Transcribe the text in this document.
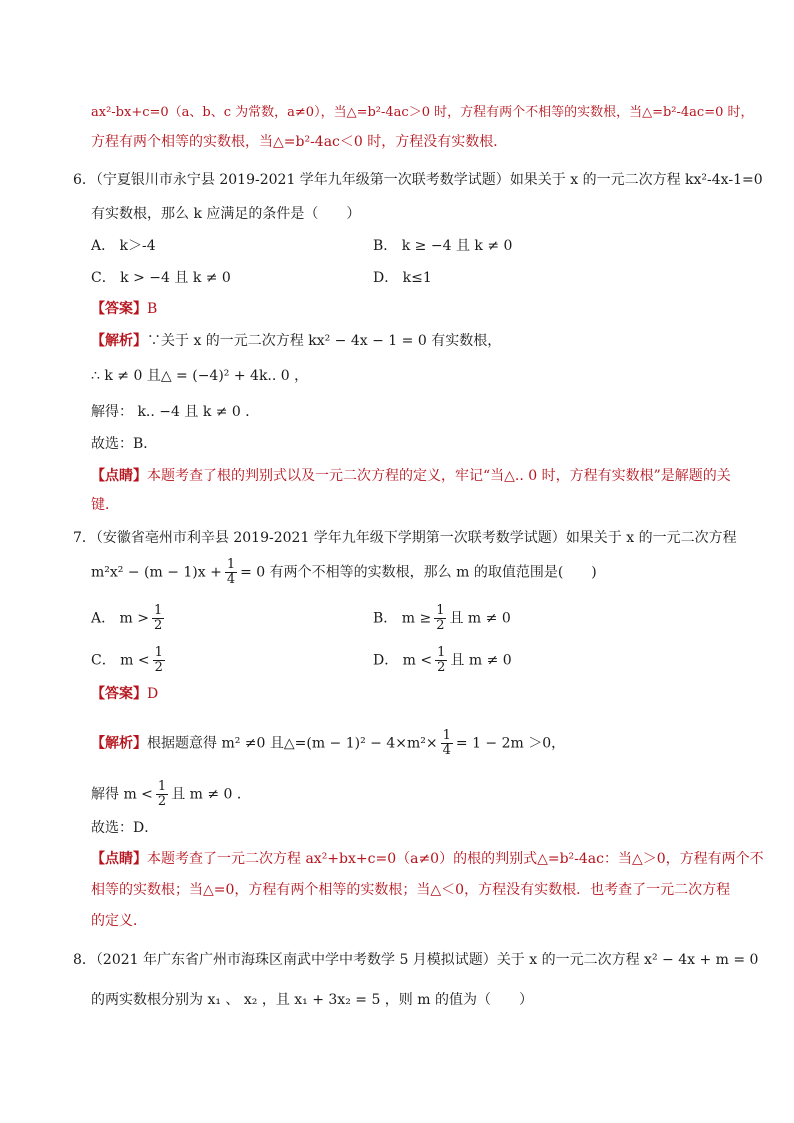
ax²-bx+c=0（a、b、c 为常数，a≠0），当△=b²-4ac＞0 时，方程有两个不相等的实数根，当△=b²-4ac=0 时，
方程有两个相等的实数根，当△=b²-4ac＜0 时，方程没有实数根．
6．（宁夏银川市永宁县 2019-2021 学年九年级第一次联考数学试题）如果关于 x 的一元二次方程 kx²-4x-1=0
有实数根，那么 k 应满足的条件是（　　）
A． k＞-4	B． k ≥ −4 且 k ≠ 0
C． k > −4 且 k ≠ 0	D． k≤1
【答案】B
【解析】∵关于 x 的一元二次方程 kx² − 4x − 1 = 0 有实数根，
∴ k ≠ 0 且△ = (−4)² + 4k.. 0 ，
解得： k.. −4 且 k ≠ 0 ．
故选：B．
【点睛】本题考查了根的判别式以及一元二次方程的定义，牢记“当△.. 0 时，方程有实数根”是解题的关
键．
7．（安徽省亳州市利辛县 2019-2021 学年九年级下学期第一次联考数学试题）如果关于 x 的一元二次方程
$m^2x^2 - (m - 1)x + \frac{1}{4} = 0$ 有两个不相等的实数根，那么 m 的取值范围是(　　)
A． $m > \frac{1}{2}$	B． $m \ge \frac{1}{2}$ 且 m ≠ 0
C． $m < \frac{1}{2}$	D． $m < \frac{1}{2}$ 且 m ≠ 0
【答案】D
【解析】根据题意得 m² ≠0 且△=(m − $1)^2 - 4\times m^2\times \frac{1}{4} = 1 - 2m >0$，
解得 $m < \frac{1}{2}$ 且 m ≠ 0 ．
故选：D．
【点睛】本题考查了一元二次方程 ax²+bx+c=0（a≠0）的根的判别式△=b²-4ac：当△＞0，方程有两个不
相等的实数根；当△=0，方程有两个相等的实数根；当△＜0，方程没有实数根．也考查了一元二次方程
的定义．
8．（2021 年广东省广州市海珠区南武中学中考数学 5 月模拟试题）关于 x 的一元二次方程 x² − 4x + m = 0
的两实数根分别为 x₁ 、 x₂ ，且 x₁ + 3x₂ = 5 ，则 m 的值为（　　）
